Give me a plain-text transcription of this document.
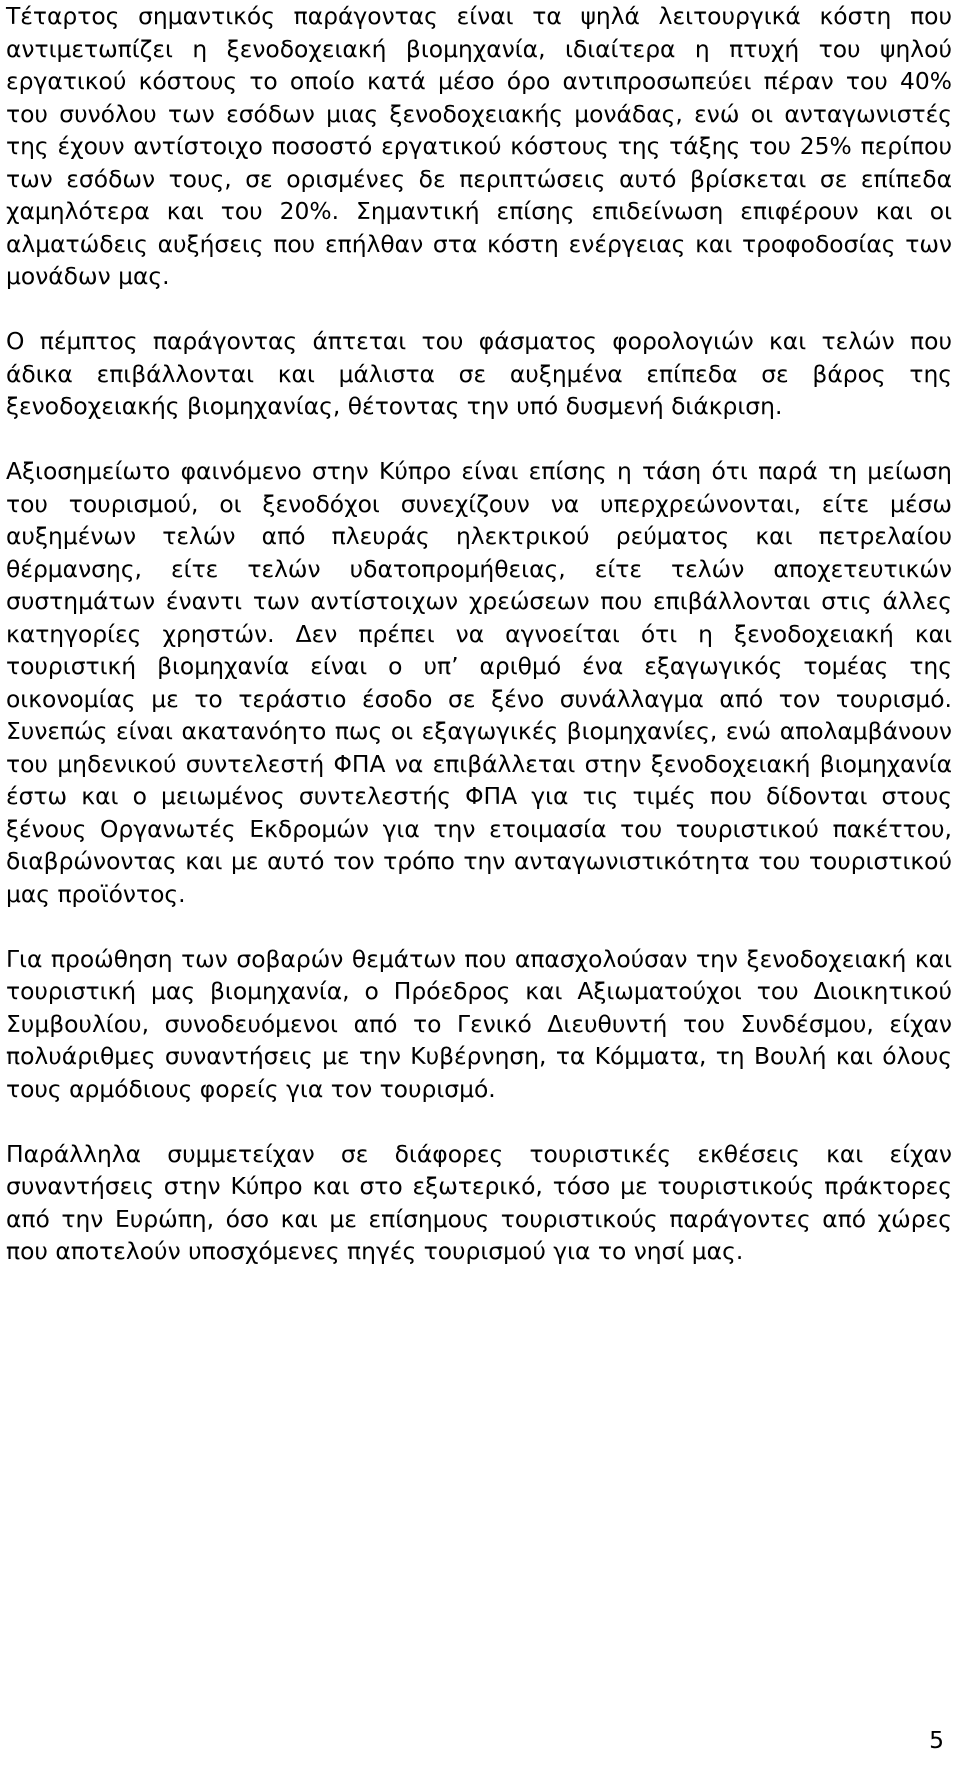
Τέταρτος σημαντικός παράγοντας είναι τα ψηλά λειτουργικά κόστη που αντιμετωπίζει η ξενοδοχειακή βιομηχανία, ιδιαίτερα η πτυχή του ψηλού εργατικού κόστους το οποίο κατά μέσο όρο αντιπροσωπεύει πέραν του 40% του συνόλου των εσόδων μιας ξενοδοχειακής μονάδας, ενώ οι ανταγωνιστές της έχουν αντίστοιχο ποσοστό εργατικού κόστους της τάξης του 25% περίπου των εσόδων τους, σε ορισμένες δε περιπτώσεις αυτό βρίσκεται σε επίπεδα χαμηλότερα και του 20%. Σημαντική επίσης επιδείνωση επιφέρουν και οι αλματώδεις αυξήσεις που επήλθαν στα κόστη ενέργειας και τροφοδοσίας των μονάδων μας.

Ο πέμπτος παράγοντας άπτεται του φάσματος φορολογιών και τελών που άδικα επιβάλλονται και μάλιστα σε αυξημένα επίπεδα σε βάρος της ξενοδοχειακής βιομηχανίας, θέτοντας την υπό δυσμενή διάκριση.

Αξιοσημείωτο φαινόμενο στην Κύπρο είναι επίσης η τάση ότι παρά τη μείωση του τουρισμού, οι ξενοδόχοι συνεχίζουν να υπερχρεώνονται, είτε μέσω αυξημένων τελών από πλευράς ηλεκτρικού ρεύματος και πετρελαίου θέρμανσης, είτε τελών υδατοπρομήθειας, είτε τελών αποχετευτικών συστημάτων έναντι των αντίστοιχων χρεώσεων που επιβάλλονται στις άλλες κατηγορίες χρηστών. Δεν πρέπει να αγνοείται ότι η ξενοδοχειακή και τουριστική βιομηχανία είναι ο υπ’ αριθμό ένα εξαγωγικός τομέας της οικονομίας με το τεράστιο έσοδο σε ξένο συνάλλαγμα από τον τουρισμό. Συνεπώς είναι ακατανόητο πως οι εξαγωγικές βιομηχανίες, ενώ απολαμβάνουν του μηδενικού συντελεστή ΦΠΑ να επιβάλλεται στην ξενοδοχειακή βιομηχανία έστω και ο μειωμένος συντελεστής ΦΠΑ για τις τιμές που δίδονται στους ξένους Οργανωτές Εκδρομών για την ετοιμασία του τουριστικού πακέττου, διαβρώνοντας και με αυτό τον τρόπο την ανταγωνιστικότητα του τουριστικού μας προϊόντος.

Για προώθηση των σοβαρών θεμάτων που απασχολούσαν την ξενοδοχειακή και τουριστική μας βιομηχανία, ο Πρόεδρος και Αξιωματούχοι του Διοικητικού Συμβουλίου, συνοδευόμενοι από το Γενικό Διευθυντή του Συνδέσμου, είχαν πολυάριθμες συναντήσεις με την Κυβέρνηση, τα Κόμματα, τη Βουλή και όλους τους αρμόδιους φορείς για τον τουρισμό.

Παράλληλα συμμετείχαν σε διάφορες τουριστικές εκθέσεις και είχαν συναντήσεις στην Κύπρο και στο εξωτερικό, τόσο με τουριστικούς πράκτορες από την Ευρώπη, όσο και με επίσημους τουριστικούς παράγοντες από χώρες που αποτελούν υποσχόμενες πηγές τουρισμού για το νησί μας.

5
